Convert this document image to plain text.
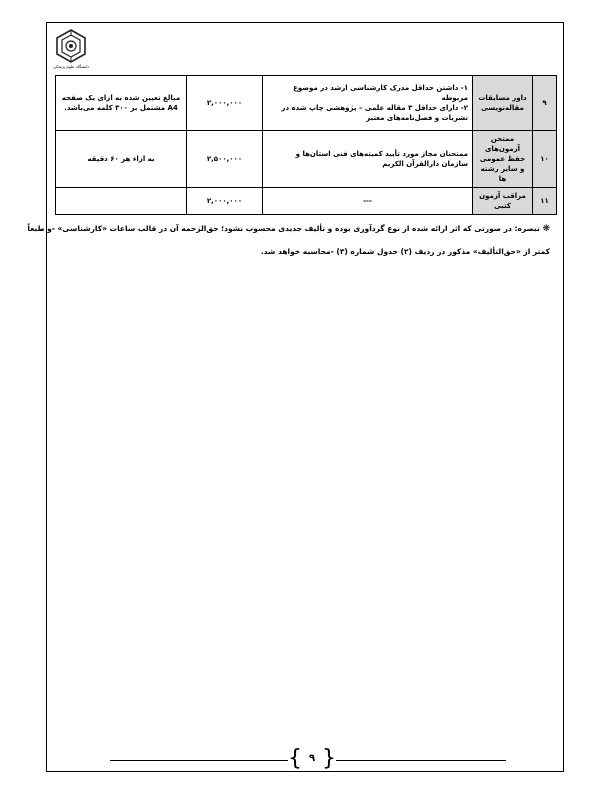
دانشگاه علوم پزشکی
۹	داور مسابقات مقاله‌نویسی	۱- داشتن حداقل مدرک کارشناسی ارشد در موضوع مربوطه
۲- دارای حداقل ۳ مقاله علمی – پژوهشی چاپ شده در نشریات و فصل‌نامه‌های معتبر	۲,۰۰۰,۰۰۰	مبالغ تعیین شده به ازای یک صفحه A4 مشتمل بر ۳۰۰ کلمه می‌باشد.
۱۰	ممتحن آزمون‌های حفظ عمومی و سایر رشته ها	ممتحنان مجاز مورد تأیید کمیته‌های فنی استان‌ها و سازمان دارالقرآن الکریم	۲,۵۰۰,۰۰۰	به ازاء هر ۶۰ دقیقه
۱۱	مراقب آزمون کتبی	---	۲,۰۰۰,۰۰۰	
❋ تبصره: در صورتی که اثر ارائه شده از نوع گردآوری بوده و تألیف جدیدی محسوب نشود؛ حق‌الزحمه آن در قالب ساعات «کارشناسی» -و طبعاً
کمتر از «حق‌التألیف» مذکور در ردیف (۲) جدول شماره (۳) -محاسبه خواهد شد.
{ ۹ }
